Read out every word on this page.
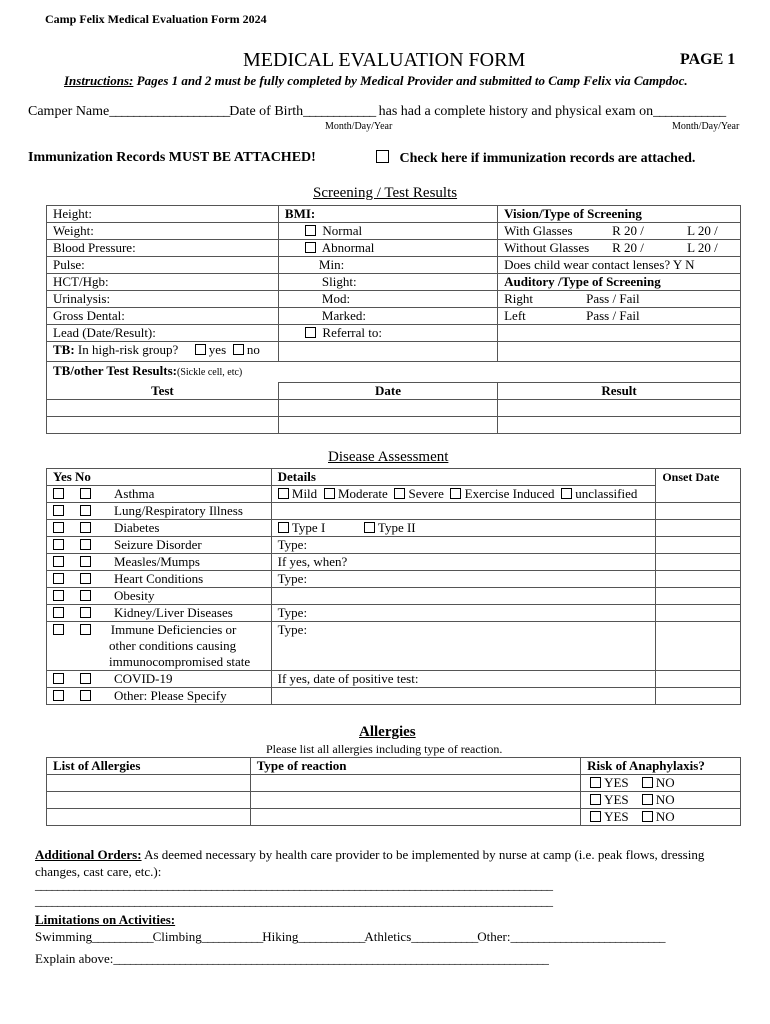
Camp Felix Medical Evaluation Form 2024
MEDICAL EVALUATION FORM	PAGE 1
Instructions: Pages 1 and 2 must be fully completed by Medical Provider and submitted to Camp Felix via Campdoc.
Camper Name____________________Date of Birth____________ has had a complete history and physical exam on____________
Month/Day/Year	Month/Day/Year
Immunization Records MUST BE ATTACHED!	Check here if immunization records are attached.
Screening / Test Results
Height:	BMI:	Vision/Type of Screening
Weight:	Normal	With Glasses R 20 / L 20 /
Blood Pressure:	Abnormal	Without Glasses R 20 / L 20 /
Pulse:	Min:	Does child wear contact lenses? Y N
HCT/Hgb:	Slight:	Auditory /Type of Screening
Urinalysis:	Mod:	Right Pass / Fail
Gross Dental:	Marked:	Left Pass / Fail
Lead (Date/Result):	Referral to:	
TB: In high-risk group? yes no		
TB/other Test Results:(Sickle cell, etc)		
Test	Date	Result

Disease Assessment
Yes No	Details	Onset Date
Asthma	Mild Moderate Severe Exercise Induced unclassified	
Lung/Respiratory Illness		
Diabetes	Type I Type II	
Seizure Disorder	Type:	
Measles/Mumps	If yes, when?	
Heart Conditions	Type:	
Obesity		
Kidney/Liver Diseases	Type:	
Immune Deficiencies or
other conditions causing
immunocompromised state	Type:	
COVID-19	If yes, date of positive test:	
Other: Please Specify		
Allergies
Please list all allergies including type of reaction.
List of Allergies	Type of reaction	Risk of Anaphylaxis?
		YES NO
		YES NO
		YES NO
Additional Orders: As deemed necessary by health care provider to be implemented by nurse at camp (i.e. peak flows, dressing
changes, cast care, etc.):
______________________________________________________________________________________________
______________________________________________________________________________________________
Limitations on Activities:
Swimming___________Climbing___________Hiking____________Athletics____________Other:____________________________
Explain above:_______________________________________________________________________________
